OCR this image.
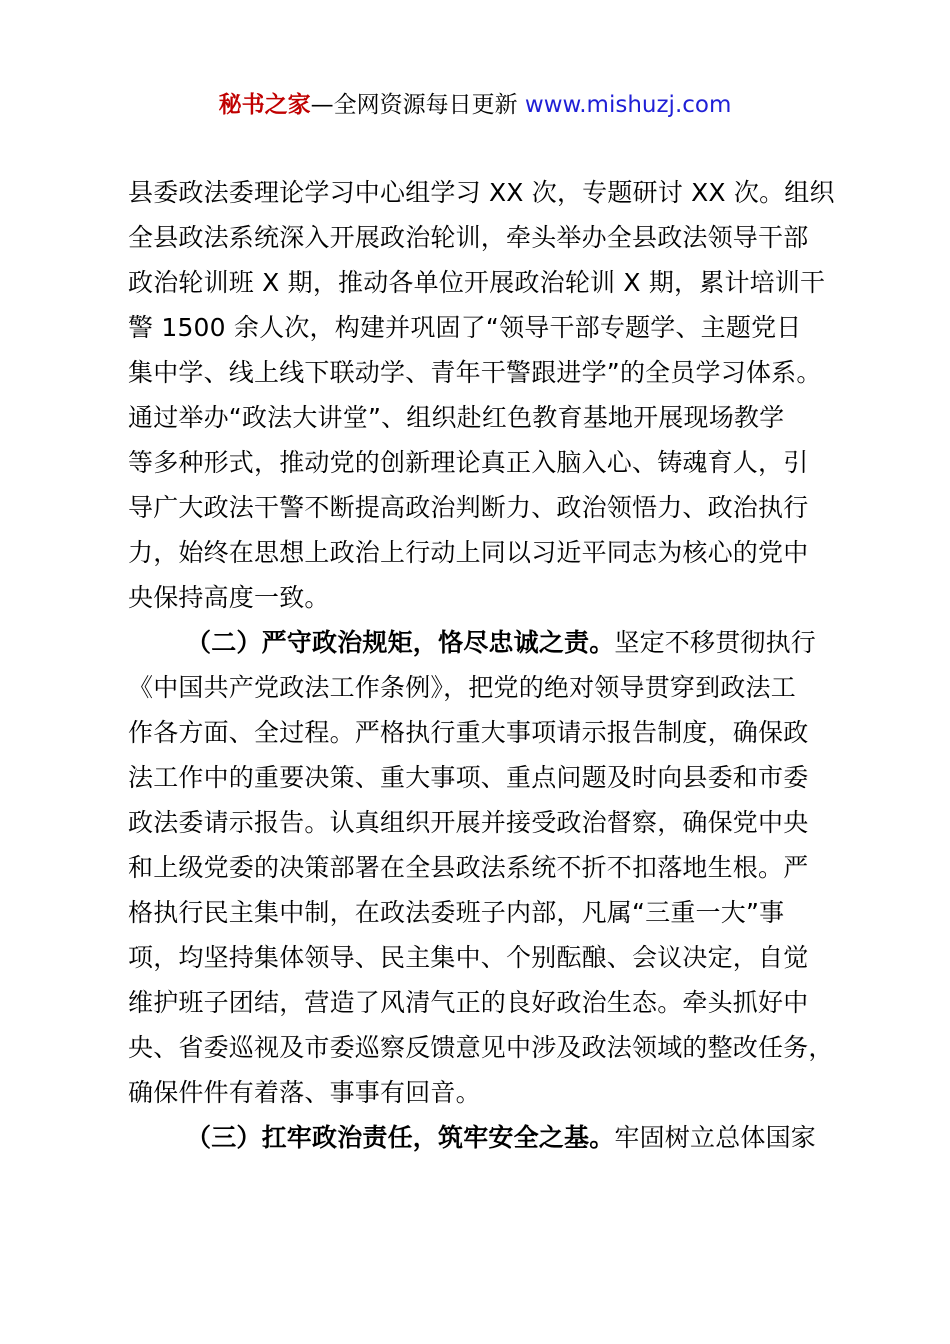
秘书之家—全网资源每日更新 www.mishuzj.com
县委政法委理论学习中心组学习 XX 次，专题研讨 XX 次。组织
全县政法系统深入开展政治轮训，牵头举办全县政法领导干部
政治轮训班 X 期，推动各单位开展政治轮训 X 期，累计培训干
警 1500 余人次，构建并巩固了“领导干部专题学、主题党日
集中学、线上线下联动学、青年干警跟进学”的全员学习体系。
通过举办“政法大讲堂”、组织赴红色教育基地开展现场教学
等多种形式，推动党的创新理论真正入脑入心、铸魂育人，引
导广大政法干警不断提高政治判断力、政治领悟力、政治执行
力，始终在思想上政治上行动上同以习近平同志为核心的党中
央保持高度一致。
（二）严守政治规矩，恪尽忠诚之责。坚定不移贯彻执行
《中国共产党政法工作条例》，把党的绝对领导贯穿到政法工
作各方面、全过程。严格执行重大事项请示报告制度，确保政
法工作中的重要决策、重大事项、重点问题及时向县委和市委
政法委请示报告。认真组织开展并接受政治督察，确保党中央
和上级党委的决策部署在全县政法系统不折不扣落地生根。严
格执行民主集中制，在政法委班子内部，凡属“三重一大”事
项，均坚持集体领导、民主集中、个别酝酿、会议决定，自觉
维护班子团结，营造了风清气正的良好政治生态。牵头抓好中
央、省委巡视及市委巡察反馈意见中涉及政法领域的整改任务，
确保件件有着落、事事有回音。
（三）扛牢政治责任，筑牢安全之基。牢固树立总体国家
